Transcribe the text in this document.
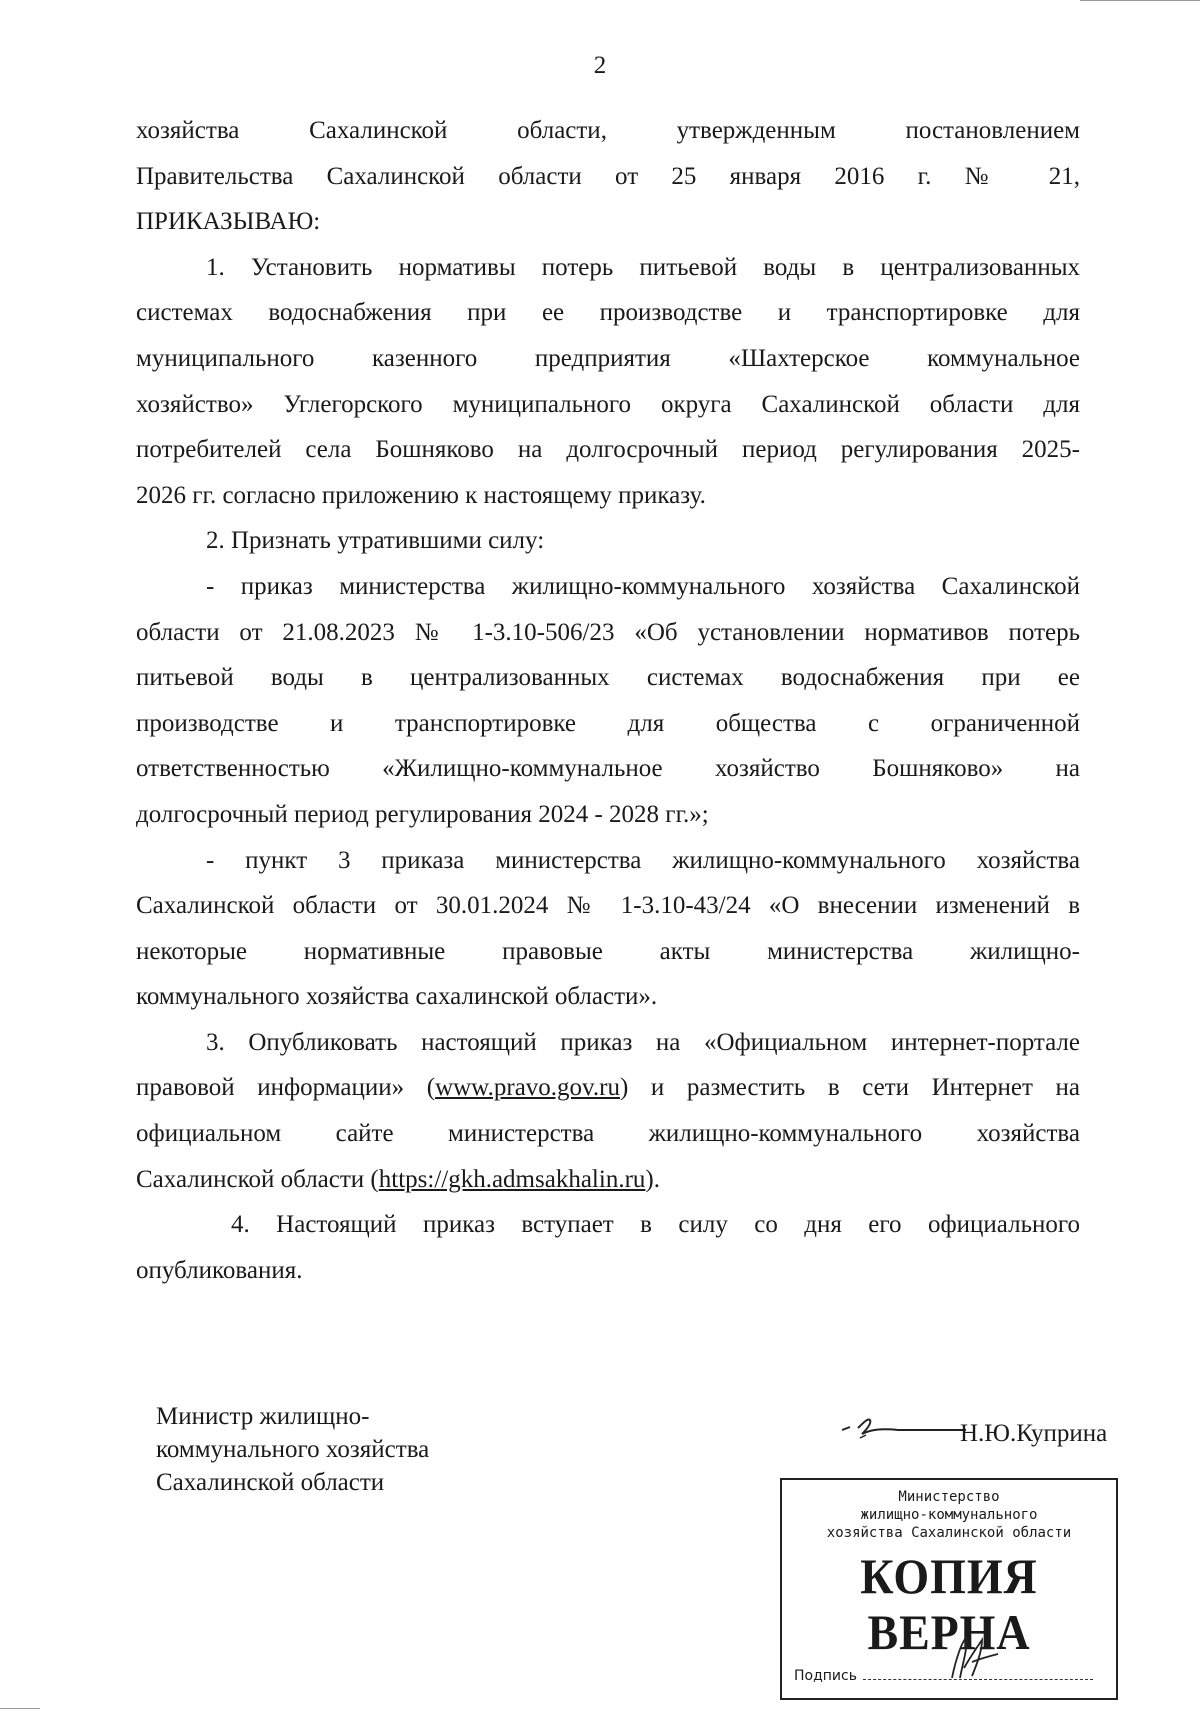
2

хозяйства Сахалинской области, утвержденным постановлением

Правительства Сахалинской области от 25 января 2016 г. № 21,

ПРИКАЗЫВАЮ:

1. Установить нормативы потерь питьевой воды в централизованных

системах водоснабжения при ее производстве и транспортировке для

муниципального казенного предприятия «Шахтерское коммунальное

хозяйство» Углегорского муниципального округа Сахалинской области для

потребителей села Бошняково на долгосрочный период регулирования 2025-

2026 гг. согласно приложению к настоящему приказу.

2. Признать утратившими силу:

- приказ министерства жилищно-коммунального хозяйства Сахалинской

области от 21.08.2023 № 1-3.10-506/23 «Об установлении нормативов потерь

питьевой воды в централизованных системах водоснабжения при ее

производстве и транспортировке для общества с ограниченной

ответственностью «Жилищно-коммунальное хозяйство Бошняково» на

долгосрочный период регулирования 2024 - 2028 гг.»;

- пункт 3 приказа министерства жилищно-коммунального хозяйства

Сахалинской области от 30.01.2024 № 1-3.10-43/24 «О внесении изменений в

некоторые нормативные правовые акты министерства жилищно-

коммунального хозяйства сахалинской области».

3. Опубликовать настоящий приказ на «Официальном интернет-портале

правовой информации» (www.pravo.gov.ru) и разместить в сети Интернет на

официальном сайте министерства жилищно-коммунального хозяйства

Сахалинской области (https://gkh.admsakhalin.ru).

4. Настоящий приказ вступает в силу со дня его официального

опубликования.

Министр жилищно-
коммунального хозяйства
Сахалинской области
Н.Ю.Куприна
Министерство
жилищно-коммунального
хозяйства Сахалинской области
КОПИЯ ВЕРНА
Подпись
